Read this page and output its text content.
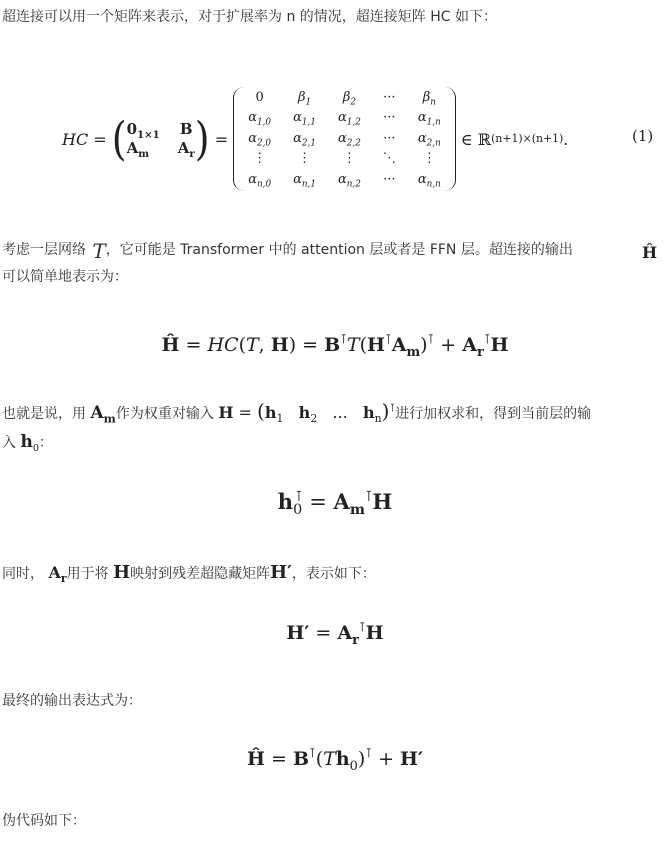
超连接可以用一个矩阵来表示，对于扩展率为 n 的情况，超连接矩阵 HC 如下：
HC = ( $0_{1\times 1}$ B
$A_m$	$A_r$ ) =
0	$\beta_1$	$\beta_2$	···	$\beta_n$
$\alpha_{1,0}$ $\alpha_{1,1}$ $\alpha_{1,2}$ ··· $\alpha_{1,n}$
$\alpha_{2,0}$ $\alpha_{2,1}$ $\alpha_{2,2}$ ··· $\alpha_{2,n}$
⋮	⋮	⋮	⋱	⋮
$\alpha_{n,0}$ $\alpha_{n,1}$ $\alpha_{n,2}$ ··· $\alpha_{n,n}$
∈ ℝ (n+1)×(n+1) .	(1)
考虑一层网络 T，它可能是 Transformer 中的 attention 层或者是 FFN 层。超连接的输出	Ĥ
可以简单地表示为：
Ĥ = HC(T, $H) = B^⊺T(H^⊺A_m)^⊺ + A_r^⊺H$
也就是说，用 $A_m$作为权重对输入 $H = (h_1$ $h_2$   ...   $h_n)^⊺$进行加权求和，得到当前层的输
入 $h_0$：
$h_0^⊺ = A_m^⊺H$
同时， $A_r$用于将 H映射到残差超隐藏矩阵H′，表示如下：
$H' = A_r^⊺H$
最终的输出表达式为：
Ĥ = $B^⊺(Th_0)^⊺ + H'$
伪代码如下：
